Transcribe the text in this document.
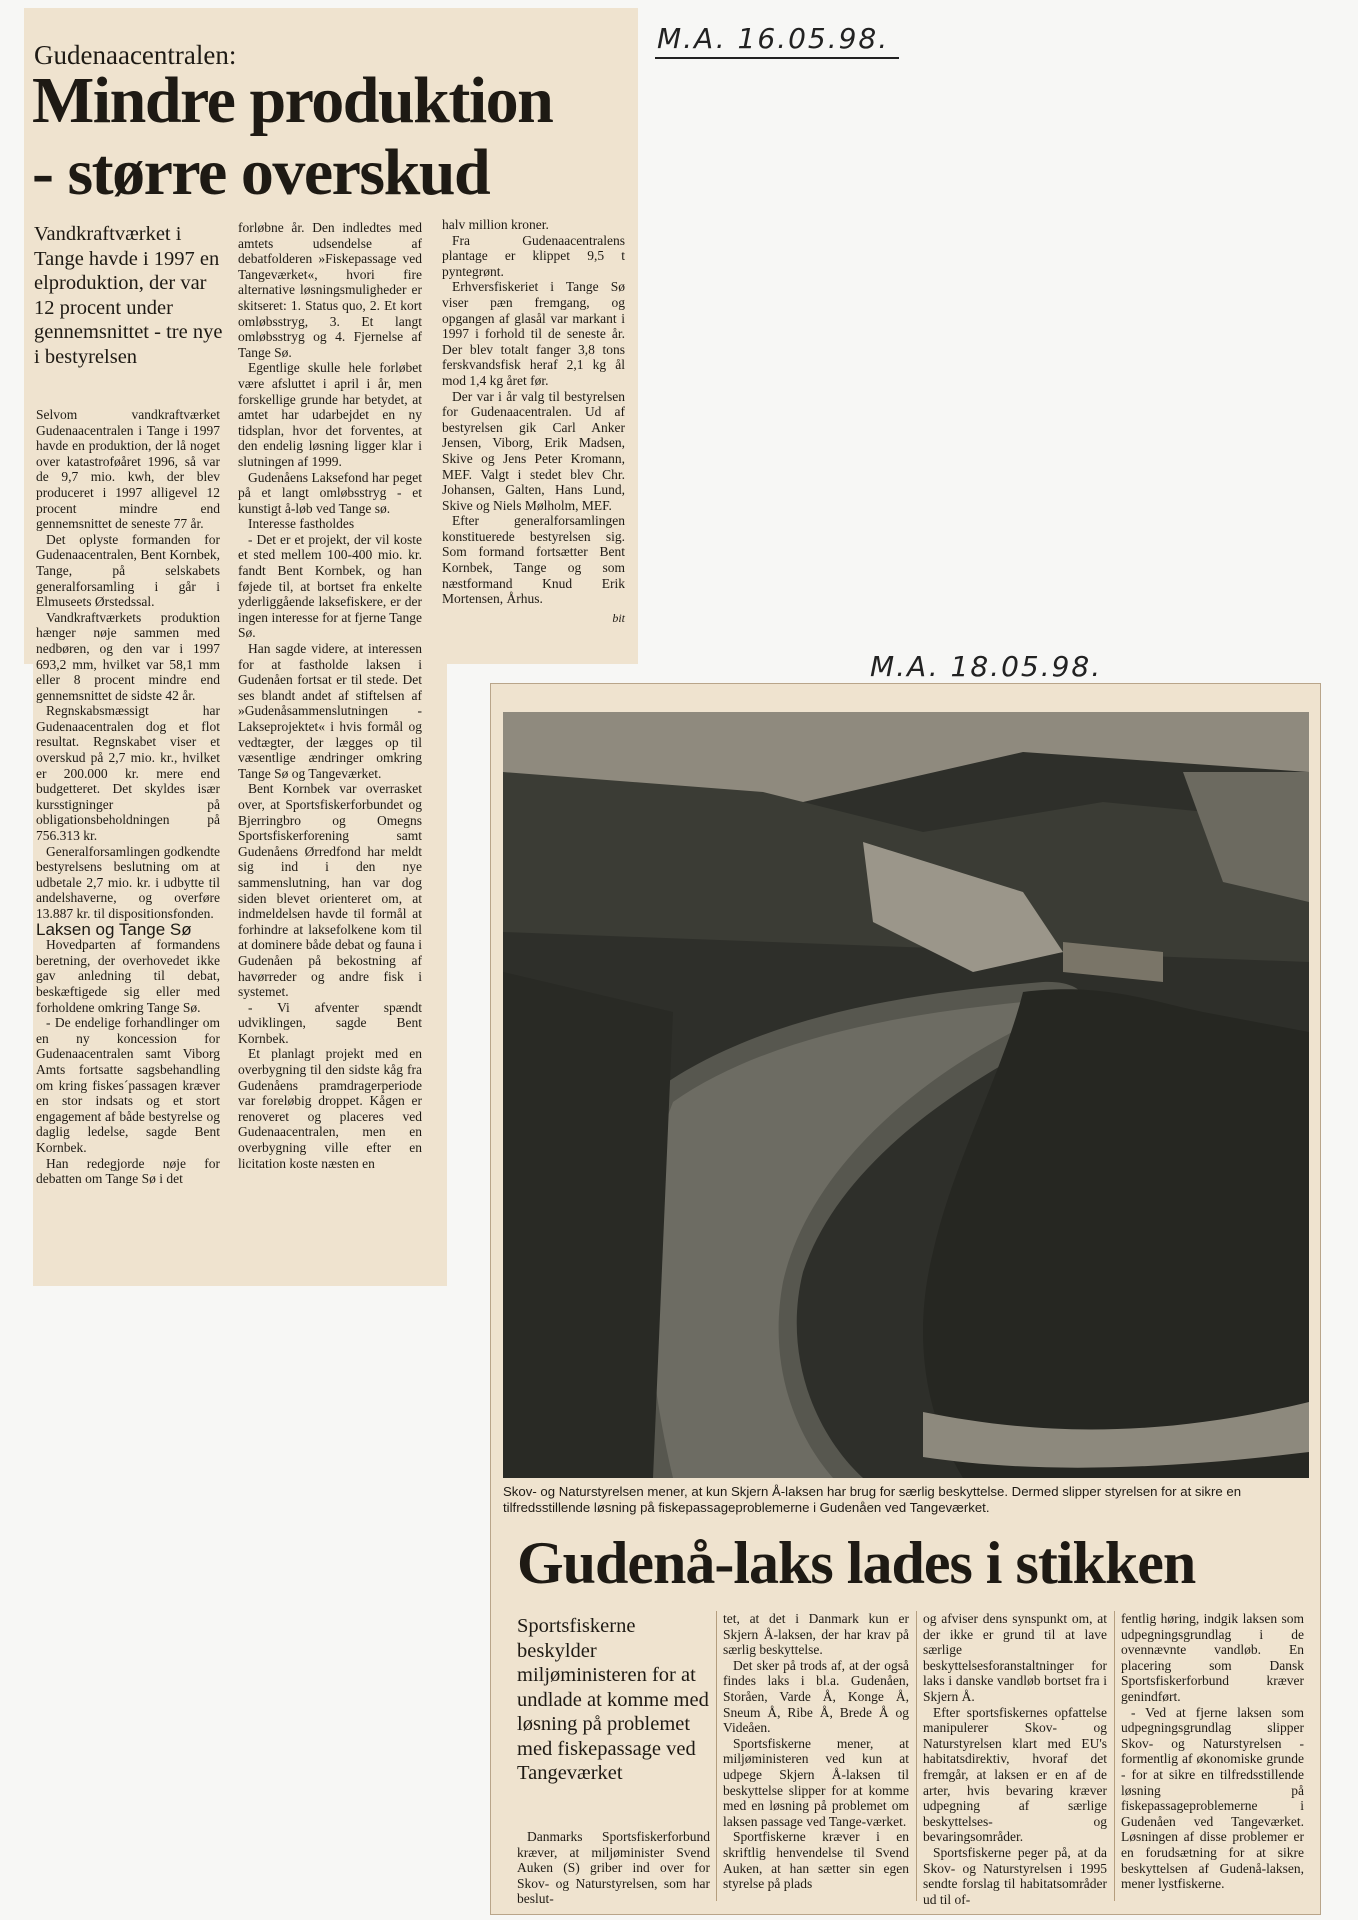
M.A. 16.05.98.
M.A. 18.05.98.
Gudenaacentralen:
Mindre produktion
- større overskud
Vandkraftværket i Tange havde i 1997 en elproduktion, der var 12 procent under gennemsnittet - tre nye i bestyrelsen

Selvom vandkraftværket Gudenaacentralen i Tange i 1997 havde en produktion, der lå noget over katastroføåret 1996, så var de 9,7 mio. kwh, der blev produceret i 1997 alligevel 12 procent mindre end gennemsnittet de seneste 77 år.

Det oplyste formanden for Gudenaacentralen, Bent Kornbek, Tange, på selskabets generalforsamling i går i Elmuseets Ørstedssal.

Vandkraftværkets produktion hænger nøje sammen med nedbøren, og den var i 1997 693,2 mm, hvilket var 58,1 mm eller 8 procent mindre end gennemsnittet de sidste 42 år.

Regnskabsmæssigt har Gudenaacentralen dog et flot resultat. Regnskabet viser et overskud på 2,7 mio. kr., hvilket er 200.000 kr. mere end budgetteret. Det skyldes især kursstigninger på obligationsbeholdningen på 756.313 kr.

Generalforsamlingen godkendte bestyrelsens beslutning om at udbetale 2,7 mio. kr. i udbytte til andelshaverne, og overføre 13.887 kr. til dispositionsfonden.

Laksen og Tange Sø

Hovedparten af formandens beretning, der overhovedet ikke gav anledning til debat, beskæftigede sig eller med forholdene omkring Tange Sø.

- De endelige forhandlinger om en ny koncession for Gudenaacentralen samt Viborg Amts fortsatte sagsbehandling om kring fiskes´passagen kræver en stor indsats og et stort engagement af både bestyrelse og daglig ledelse, sagde Bent Kornbek.

Han redegjorde nøje for debatten om Tange Sø i det

forløbne år. Den indledtes med amtets udsendelse af debatfolderen »Fiskepassage ved Tangeværket«, hvori fire alternative løsningsmuligheder er skitseret: 1. Status quo, 2. Et kort omløbsstryg, 3. Et langt omløbsstryg og 4. Fjernelse af Tange Sø.

Egentlige skulle hele forløbet være afsluttet i april i år, men forskellige grunde har betydet, at amtet har udarbejdet en ny tidsplan, hvor det forventes, at den endelig løsning ligger klar i slutningen af 1999.

Gudenåens Laksefond har peget på et langt omløbsstryg - et kunstigt å-løb ved Tange sø.

Interesse fastholdes

- Det er et projekt, der vil koste et sted mellem 100-400 mio. kr. fandt Bent Kornbek, og han føjede til, at bortset fra enkelte yderliggående laksefiskere, er der ingen interesse for at fjerne Tange Sø.

Han sagde videre, at interessen for at fastholde laksen i Gudenåen fortsat er til stede. Det ses blandt andet af stiftelsen af »Gudenåsammenslutningen - Lakseprojektet« i hvis formål og vedtægter, der lægges op til væsentlige ændringer omkring Tange Sø og Tangeværket.

Bent Kornbek var overrasket over, at Sportsfiskerforbundet og Bjerringbro og Omegns Sportsfiskerforening samt Gudenåens Ørredfond har meldt sig ind i den nye sammenslutning, han var dog siden blevet orienteret om, at indmeldelsen havde til formål at forhindre at laksefolkene kom til at dominere både debat og fauna i Gudenåen på bekostning af havørreder og andre fisk i systemet.

- Vi afventer spændt udviklingen, sagde Bent Kornbek.

Et planlagt projekt med en overbygning til den sidste kåg fra Gudenåens pramdragerperiode var foreløbig droppet. Kågen er renoveret og placeres ved Gudenaacentralen, men en overbygning ville efter en licitation koste næsten en

halv million kroner.

Fra Gudenaacentralens plantage er klippet 9,5 t pyntegrønt.

Erhversfiskeriet i Tange Sø viser pæn fremgang, og opgangen af glasål var markant i 1997 i forhold til de seneste år. Der blev totalt fanger 3,8 tons ferskvandsfisk heraf 2,1 kg ål mod 1,4 kg året før.

Der var i år valg til bestyrelsen for Gudenaacentralen. Ud af bestyrelsen gik Carl Anker Jensen, Viborg, Erik Madsen, Skive og Jens Peter Kromann, MEF. Valgt i stedet blev Chr. Johansen, Galten, Hans Lund, Skive og Niels Mølholm, MEF.

Efter generalforsamlingen konstituerede bestyrelsen sig. Som formand fortsætter Bent Kornbek, Tange og som næstformand Knud Erik Mortensen, Århus.

bit
Skov- og Naturstyrelsen mener, at kun Skjern Å-laksen har brug for særlig beskyttelse. Dermed slipper styrelsen for at sikre en tilfredsstillende løsning på fiskepassageproblemerne i Gudenåen ved Tangeværket.
Gudenå-laks lades i stikken
Sportsfiskerne beskylder miljøministeren for at undlade at komme med løsning på problemet med fiskepassage ved Tangeværket

Danmarks Sportsfiskerforbund kræver, at miljøminister Svend Auken (S) griber ind over for Skov- og Naturstyrelsen, som har beslut-

tet, at det i Danmark kun er Skjern Å-laksen, der har krav på særlig beskyttelse.

Det sker på trods af, at der også findes laks i bl.a. Gudenåen, Storåen, Varde Å, Konge Å, Sneum Å, Ribe Å, Brede Å og Videåen.

Sportsfiskerne mener, at miljøministeren ved kun at udpege Skjern Å-laksen til beskyttelse slipper for at komme med en løsning på problemet om laksen passage ved Tange-værket.

Sportfiskerne kræver i en skriftlig henvendelse til Svend Auken, at han sætter sin egen styrelse på plads

og afviser dens synspunkt om, at der ikke er grund til at lave særlige beskyttelsesforanstaltninger for laks i danske vandløb bortset fra i Skjern Å.

Efter sportsfiskernes opfattelse manipulerer Skov- og Naturstyrelsen klart med EU's habitatsdirektiv, hvoraf det fremgår, at laksen er en af de arter, hvis bevaring kræver udpegning af særlige beskyttelses- og bevaringsområder.

Sportsfiskerne peger på, at da Skov- og Naturstyrelsen i 1995 sendte forslag til habitatsområder ud til of-

fentlig høring, indgik laksen som udpegningsgrundlag i de ovennævnte vandløb. En placering som Dansk Sportsfiskerforbund kræver genindført.

- Ved at fjerne laksen som udpegningsgrundlag slipper Skov- og Naturstyrelsen - formentlig af økonomiske grunde - for at sikre en tilfredsstillende løsning på fiskepassageproblemerne i Gudenåen ved Tangeværket. Løsningen af disse problemer er en forudsætning for at sikre beskyttelsen af Gudenå-laksen, mener lystfiskerne.
